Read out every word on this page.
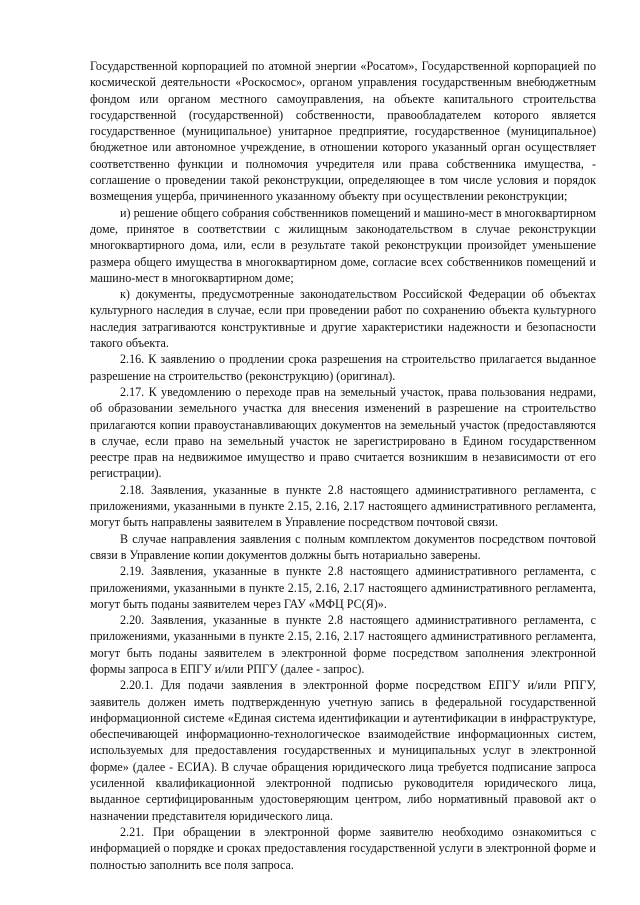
Государственной корпорацией по атомной энергии «Росатом», Государственной корпорацией по космической деятельности «Роскосмос», органом управления государственным внебюджетным фондом или органом местного самоуправления, на объекте капитального строительства государственной (государственной) собственности, правообладателем которого является государственное (муниципальное) унитарное предприятие, государственное (муниципальное) бюджетное или автономное учреждение, в отношении которого указанный орган осуществляет соответственно функции и полномочия учредителя или права собственника имущества, - соглашение о проведении такой реконструкции, определяющее в том числе условия и порядок возмещения ущерба, причиненного указанному объекту при осуществлении реконструкции;

и) решение общего собрания собственников помещений и машино-мест в многоквартирном доме, принятое в соответствии с жилищным законодательством в случае реконструкции многоквартирного дома, или, если в результате такой реконструкции произойдет уменьшение размера общего имущества в многоквартирном доме, согласие всех собственников помещений и машино-мест в многоквартирном доме;

к) документы, предусмотренные законодательством Российской Федерации об объектах культурного наследия в случае, если при проведении работ по сохранению объекта культурного наследия затрагиваются конструктивные и другие характеристики надежности и безопасности такого объекта.

2.16. К заявлению о продлении срока разрешения на строительство прилагается выданное разрешение на строительство (реконструкцию) (оригинал).

2.17. К уведомлению о переходе прав на земельный участок, права пользования недрами, об образовании земельного участка для внесения изменений в разрешение на строительство прилагаются копии правоустанавливающих документов на земельный участок (предоставляются в случае, если право на земельный участок не зарегистрировано в Едином государственном реестре прав на недвижимое имущество и право считается возникшим в независимости от его регистрации).

2.18. Заявления, указанные в пункте 2.8 настоящего административного регламента, с приложениями, указанными в пункте 2.15, 2.16, 2.17 настоящего административного регламента, могут быть направлены заявителем в Управление посредством почтовой связи.

В случае направления заявления с полным комплектом документов посредством почтовой связи в Управление копии документов должны быть нотариально заверены.

2.19. Заявления, указанные в пункте 2.8 настоящего административного регламента, с приложениями, указанными в пункте 2.15, 2.16, 2.17 настоящего административного регламента, могут быть поданы заявителем через ГАУ «МФЦ РС(Я)».

2.20. Заявления, указанные в пункте 2.8 настоящего административного регламента, с приложениями, указанными в пункте 2.15, 2.16, 2.17 настоящего административного регламента, могут быть поданы заявителем в электронной форме посредством заполнения электронной формы запроса в ЕПГУ и/или РПГУ (далее - запрос).

2.20.1. Для подачи заявления в электронной форме посредством ЕПГУ и/или РПГУ, заявитель должен иметь подтвержденную учетную запись в федеральной государственной информационной системе «Единая система идентификации и аутентификации в инфраструктуре, обеспечивающей информационно-технологическое взаимодействие информационных систем, используемых для предоставления государственных и муниципальных услуг в электронной форме» (далее - ЕСИА). В случае обращения юридического лица требуется подписание запроса усиленной квалификационной электронной подписью руководителя юридического лица, выданное сертифицированным удостоверяющим центром, либо нормативный правовой акт о назначении представителя юридического лица.

2.21. При обращении в электронной форме заявителю необходимо ознакомиться с информацией о порядке и сроках предоставления государственной услуги в электронной форме и полностью заполнить все поля запроса.
